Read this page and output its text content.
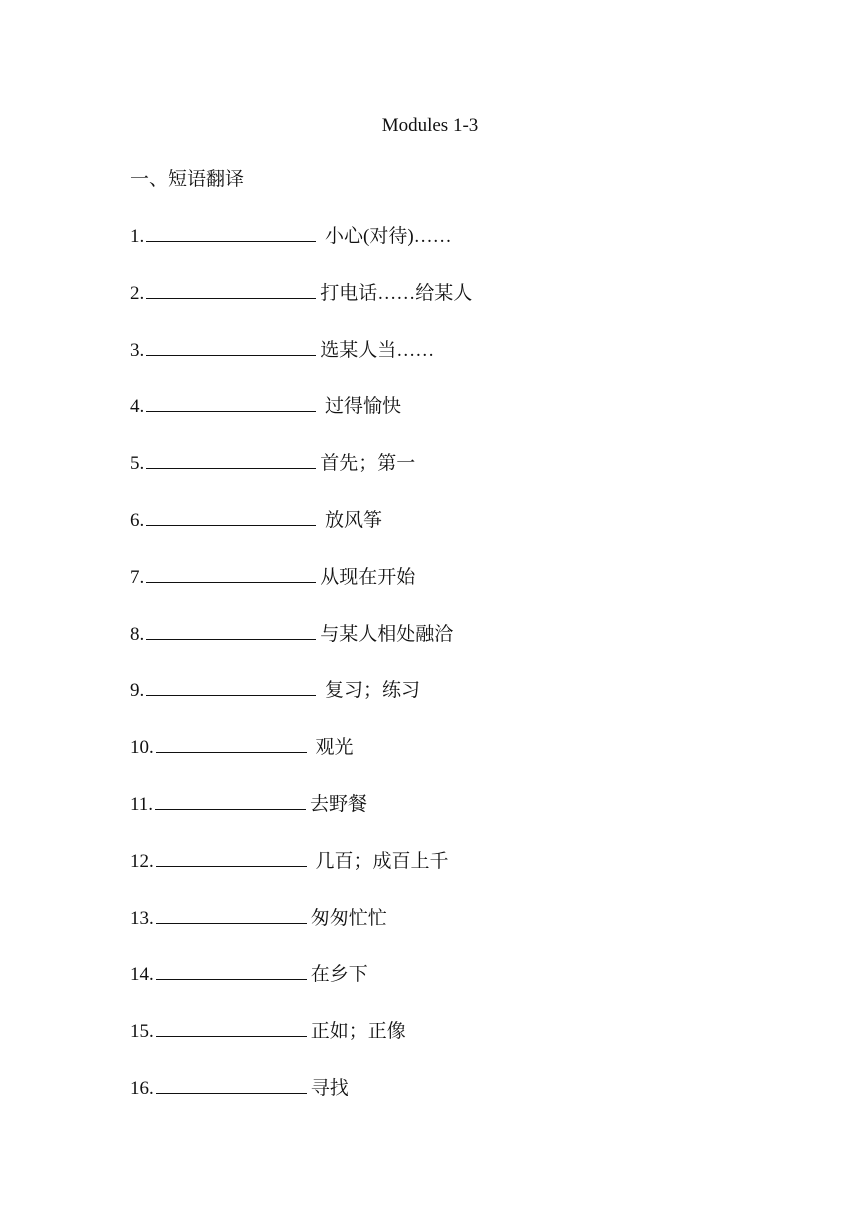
Modules 1-3
一、短语翻译
1.	小心(对待)……
2.	打电话……给某人
3.	选某人当……
4.	过得愉快
5.	首先；第一
6.	放风筝
7.	从现在开始
8.	与某人相处融洽
9.	复习；练习
10.	观光
11.	去野餐
12.	几百；成百上千
13.	匆匆忙忙
14.	在乡下
15.	正如；正像
16.	寻找
